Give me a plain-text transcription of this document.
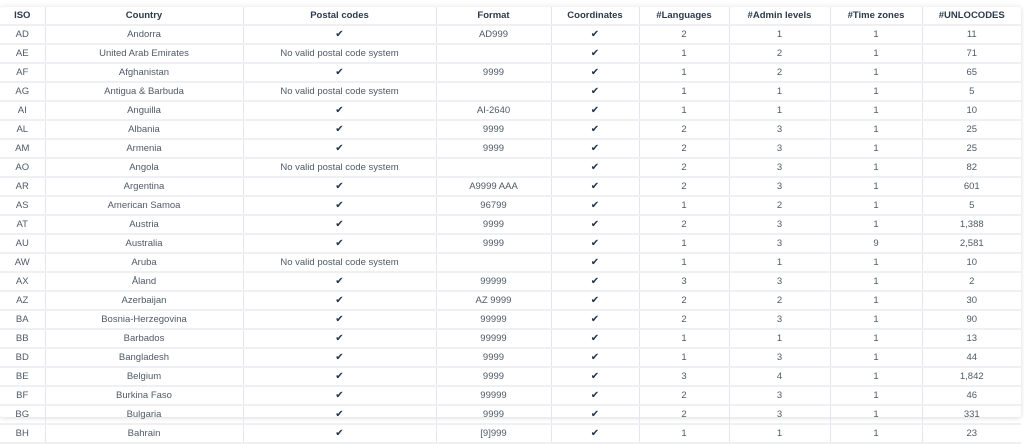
ISO	Country	Postal codes	Format	Coordinates	#Languages	#Admin levels	#Time zones	#UNLOCODES
AD	Andorra	✔	AD999	✔	2	1	1	11
AE	United Arab Emirates	No valid postal code system		✔	1	2	1	71
AF	Afghanistan	✔	9999	✔	1	2	1	65
AG	Antigua & Barbuda	No valid postal code system		✔	1	1	1	5
AI	Anguilla	✔	AI-2640	✔	1	1	1	10
AL	Albania	✔	9999	✔	2	3	1	25
AM	Armenia	✔	9999	✔	2	3	1	25
AO	Angola	No valid postal code system		✔	2	3	1	82
AR	Argentina	✔	A9999 AAA	✔	2	3	1	601
AS	American Samoa	✔	96799	✔	1	2	1	5
AT	Austria	✔	9999	✔	2	3	1	1,388
AU	Australia	✔	9999	✔	1	3	9	2,581
AW	Aruba	No valid postal code system		✔	1	1	1	10
AX	Åland	✔	99999	✔	3	3	1	2
AZ	Azerbaijan	✔	AZ 9999	✔	2	2	1	30
BA	Bosnia-Herzegovina	✔	99999	✔	2	3	1	90
BB	Barbados	✔	99999	✔	1	1	1	13
BD	Bangladesh	✔	9999	✔	1	3	1	44
BE	Belgium	✔	9999	✔	3	4	1	1,842
BF	Burkina Faso	✔	99999	✔	2	3	1	46
BG	Bulgaria	✔	9999	✔	2	3	1	331
BH	Bahrain	✔	[9]999	✔	1	1	1	23
